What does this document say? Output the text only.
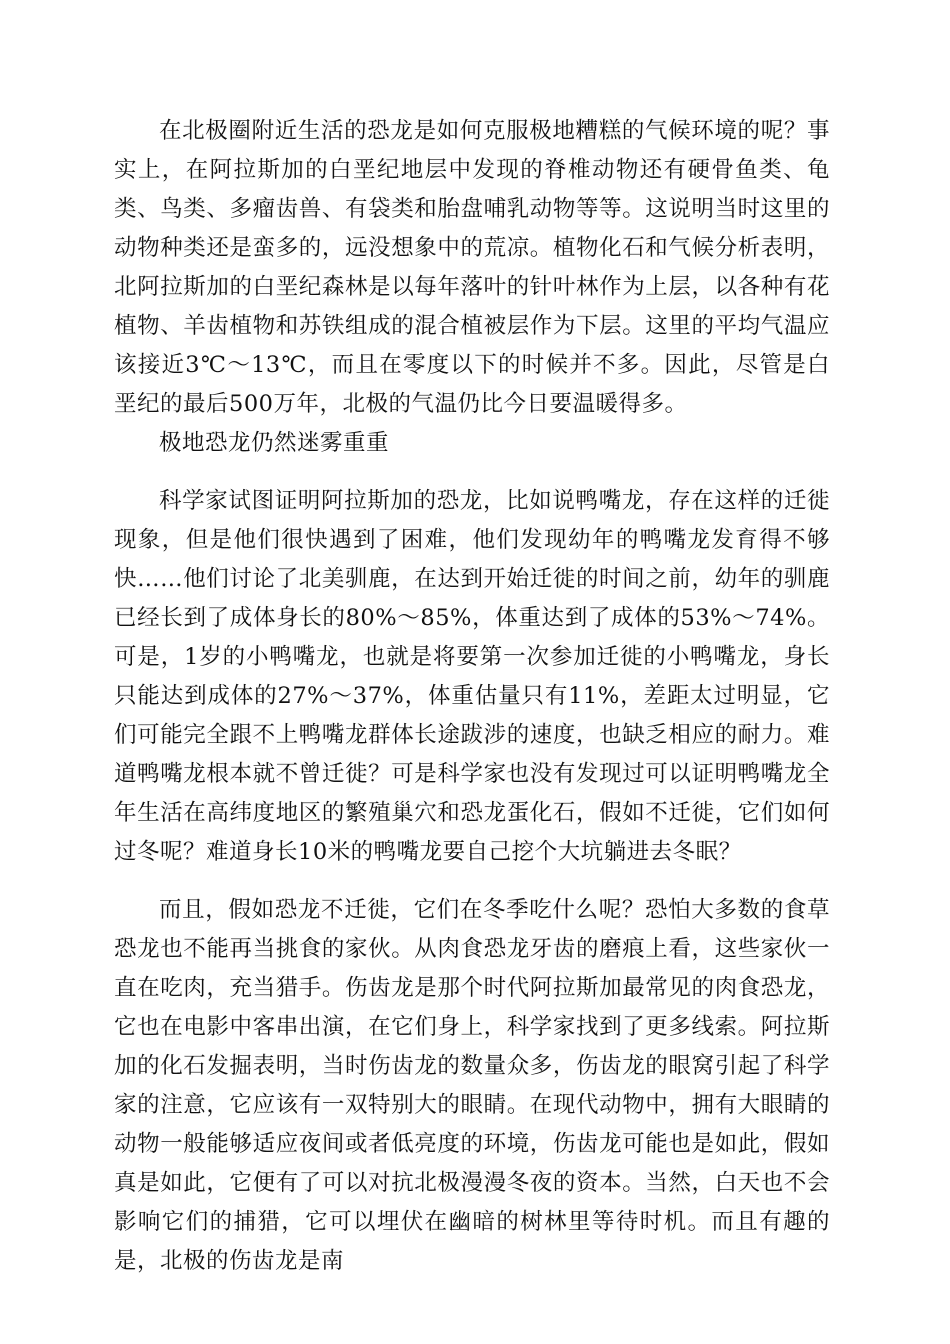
在北极圈附近生活的恐龙是如何克服极地糟糕的气候环境的呢？事实上，在阿拉斯加的白垩纪地层中发现的脊椎动物还有硬骨鱼类、龟类、鸟类、多瘤齿兽、有袋类和胎盘哺乳动物等等。这说明当时这里的动物种类还是蛮多的，远没想象中的荒凉。植物化石和气候分析表明，北阿拉斯加的白垩纪森林是以每年落叶的针叶林作为上层，以各种有花植物、羊齿植物和苏铁组成的混合植被层作为下层。这里的平均气温应该接近3℃～13℃，而且在零度以下的时候并不多。因此，尽管是白垩纪的最后500万年，北极的气温仍比今日要温暖得多。

极地恐龙仍然迷雾重重

科学家试图证明阿拉斯加的恐龙，比如说鸭嘴龙，存在这样的迁徙现象，但是他们很快遇到了困难，他们发现幼年的鸭嘴龙发育得不够快……他们讨论了北美驯鹿，在达到开始迁徙的时间之前，幼年的驯鹿已经长到了成体身长的80%～85%，体重达到了成体的53%～74%。可是，1岁的小鸭嘴龙，也就是将要第一次参加迁徙的小鸭嘴龙，身长只能达到成体的27%～37%，体重估量只有11%，差距太过明显，它们可能完全跟不上鸭嘴龙群体长途跋涉的速度，也缺乏相应的耐力。难道鸭嘴龙根本就不曾迁徙？可是科学家也没有发现过可以证明鸭嘴龙全年生活在高纬度地区的繁殖巢穴和恐龙蛋化石，假如不迁徙，它们如何过冬呢？难道身长10米的鸭嘴龙要自己挖个大坑躺进去冬眠？

而且，假如恐龙不迁徙，它们在冬季吃什么呢？恐怕大多数的食草恐龙也不能再当挑食的家伙。从肉食恐龙牙齿的磨痕上看，这些家伙一直在吃肉，充当猎手。伤齿龙是那个时代阿拉斯加最常见的肉食恐龙，它也在电影中客串出演，在它们身上，科学家找到了更多线索。阿拉斯加的化石发掘表明，当时伤齿龙的数量众多，伤齿龙的眼窝引起了科学家的注意，它应该有一双特别大的眼睛。在现代动物中，拥有大眼睛的动物一般能够适应夜间或者低亮度的环境，伤齿龙可能也是如此，假如真是如此，它便有了可以对抗北极漫漫冬夜的资本。当然，白天也不会影响它们的捕猎，它可以埋伏在幽暗的树林里等待时机。而且有趣的是，北极的伤齿龙是南
